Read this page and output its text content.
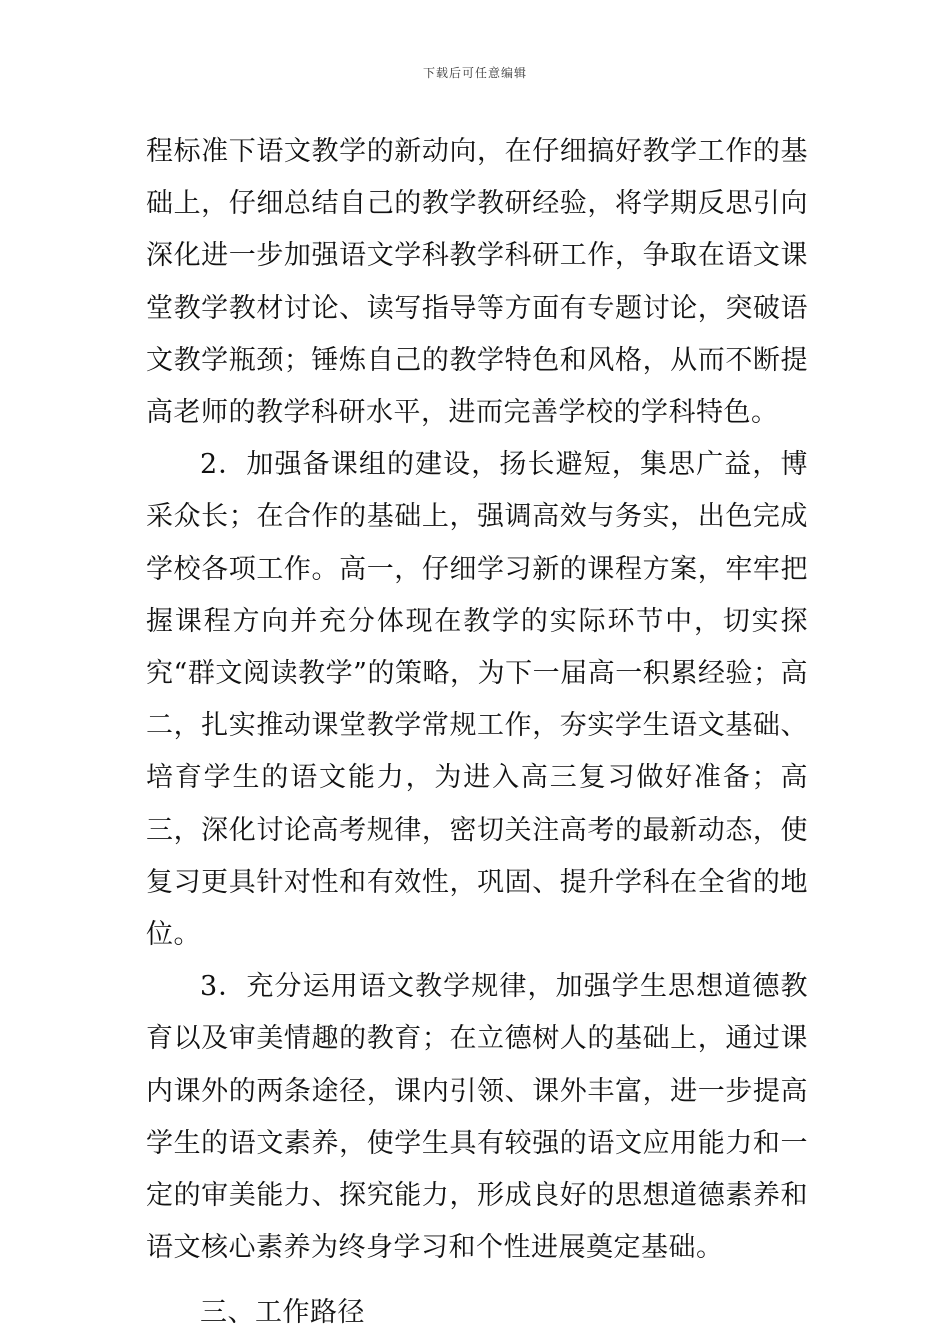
下载后可任意编辑

程标准下语文教学的新动向，在仔细搞好教学工作的基础上，仔细总结自己的教学教研经验，将学期反思引向深化进一步加强语文学科教学科研工作，争取在语文课堂教学教材讨论、读写指导等方面有专题讨论，突破语文教学瓶颈；锤炼自己的教学特色和风格，从而不断提高老师的教学科研水平，进而完善学校的学科特色。

2．加强备课组的建设，扬长避短，集思广益，博采众长；在合作的基础上，强调高效与务实，出色完成学校各项工作。高一，仔细学习新的课程方案，牢牢把握课程方向并充分体现在教学的实际环节中，切实探究“群文阅读教学”的策略，为下一届高一积累经验；高二，扎实推动课堂教学常规工作，夯实学生语文基础、培育学生的语文能力，为进入高三复习做好准备；高三，深化讨论高考规律，密切关注高考的最新动态，使复习更具针对性和有效性，巩固、提升学科在全省的地位。

3．充分运用语文教学规律，加强学生思想道德教育以及审美情趣的教育；在立德树人的基础上，通过课内课外的两条途径，课内引领、课外丰富，进一步提高学生的语文素养，使学生具有较强的语文应用能力和一定的审美能力、探究能力，形成良好的思想道德素养和语文核心素养为终身学习和个性进展奠定基础。

三、工作路径
